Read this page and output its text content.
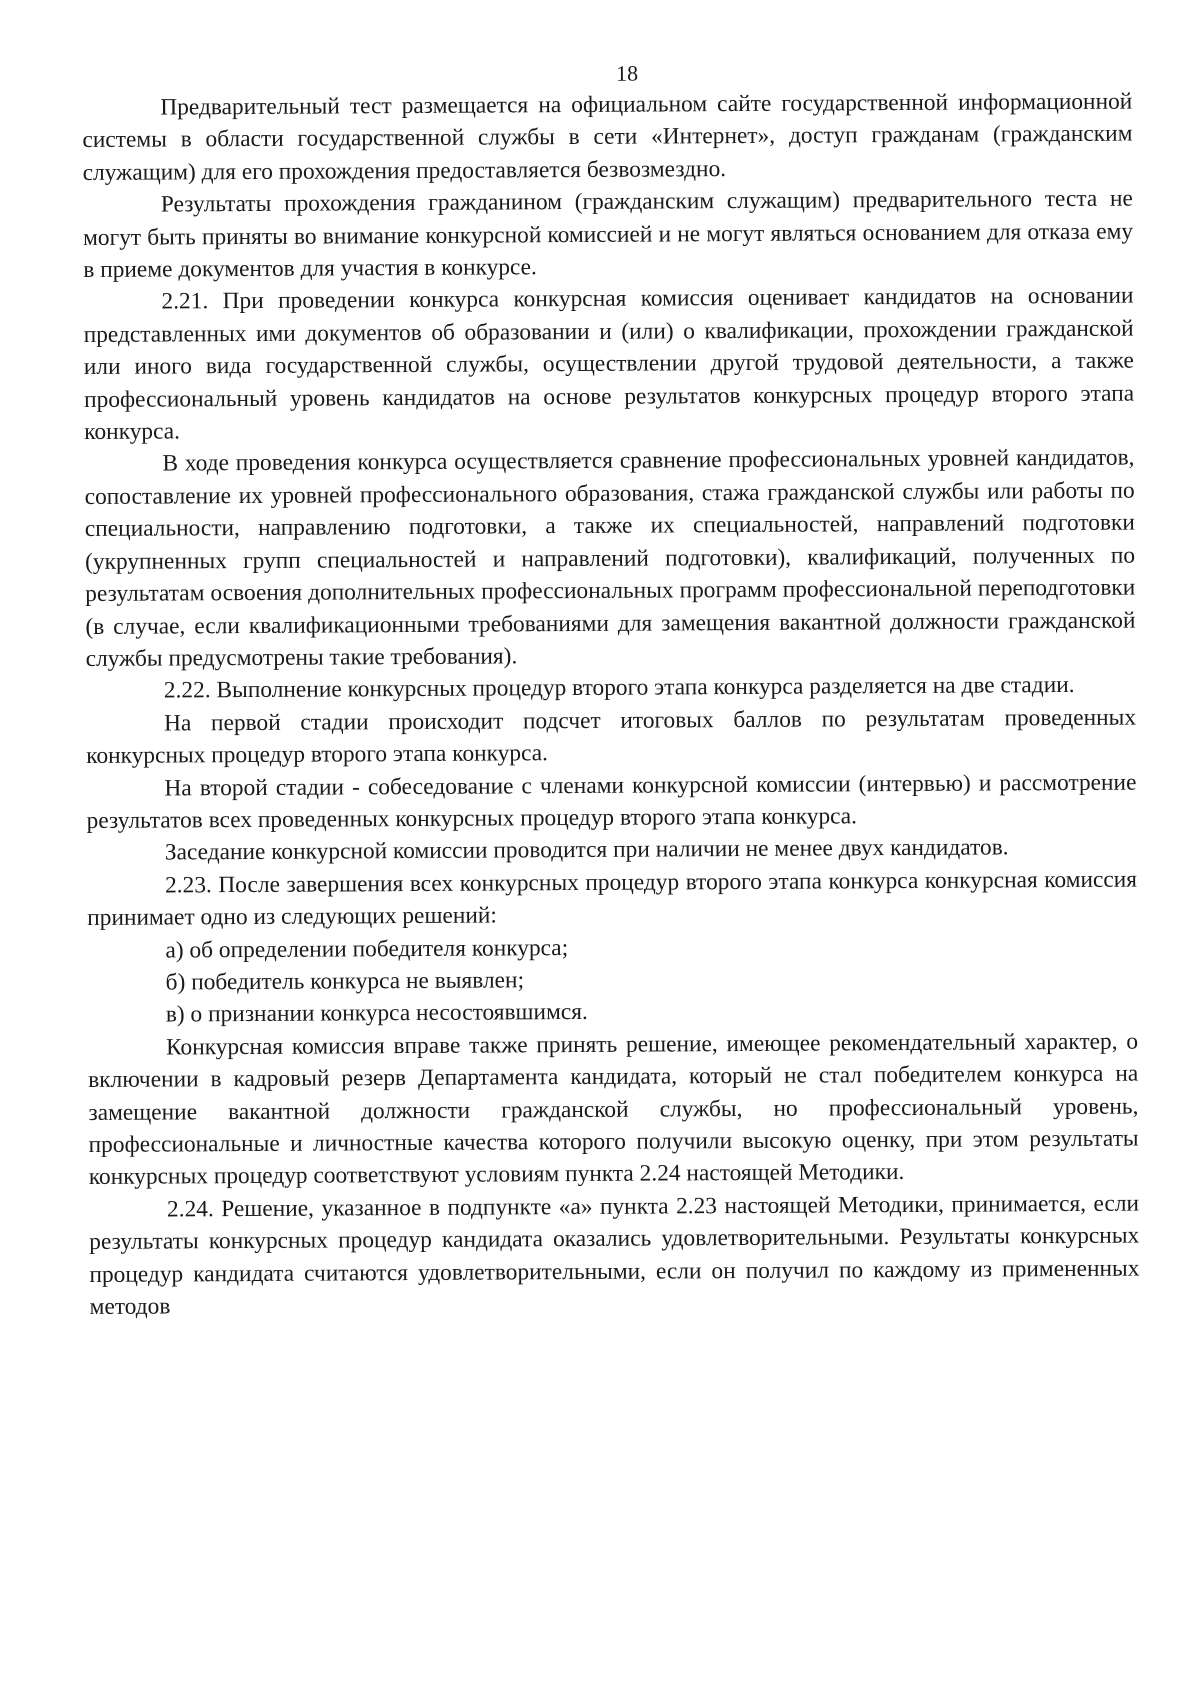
18

Предварительный тест размещается на официальном сайте государственной информационной системы в области государственной службы в сети «Интернет», доступ гражданам (гражданским служащим) для его прохождения предоставляется безвозмездно.

Результаты прохождения гражданином (гражданским служащим) предварительного теста не могут быть приняты во внимание конкурсной комиссией и не могут являться основанием для отказа ему в приеме документов для участия в конкурсе.

2.21. При проведении конкурса конкурсная комиссия оценивает кандидатов на основании представленных ими документов об образовании и (или) о квалификации, прохождении гражданской или иного вида государственной службы, осуществлении другой трудовой деятельности, а также профессиональный уровень кандидатов на основе результатов конкурсных процедур второго этапа конкурса.

В ходе проведения конкурса осуществляется сравнение профессиональных уровней кандидатов, сопоставление их уровней профессионального образования, стажа гражданской службы или работы по специальности, направлению подготовки, а также их специальностей, направлений подготовки (укрупненных групп специальностей и направлений подготовки), квалификаций, полученных по результатам освоения дополнительных профессиональных программ профессиональной переподготовки (в случае, если квалификационными требованиями для замещения вакантной должности гражданской службы предусмотрены такие требования).

2.22. Выполнение конкурсных процедур второго этапа конкурса разделяется на две стадии.

На первой стадии происходит подсчет итоговых баллов по результатам проведенных конкурсных процедур второго этапа конкурса.

На второй стадии - собеседование с членами конкурсной комиссии (интервью) и рассмотрение результатов всех проведенных конкурсных процедур второго этапа конкурса.

Заседание конкурсной комиссии проводится при наличии не менее двух кандидатов.

2.23. После завершения всех конкурсных процедур второго этапа конкурса конкурсная комиссия принимает одно из следующих решений:

а) об определении победителя конкурса;

б) победитель конкурса не выявлен;

в) о признании конкурса несостоявшимся.

Конкурсная комиссия вправе также принять решение, имеющее рекомендательный характер, о включении в кадровый резерв Департамента кандидата, который не стал победителем конкурса на замещение вакантной должности гражданской службы, но профессиональный уровень, профессиональные и личностные качества которого получили высокую оценку, при этом результаты конкурсных процедур соответствуют условиям пункта 2.24 настоящей Методики.

2.24. Решение, указанное в подпункте «а» пункта 2.23 настоящей Методики, принимается, если результаты конкурсных процедур кандидата оказались удовлетворительными. Результаты конкурсных процедур кандидата считаются удовлетворительными, если он получил по каждому из примененных методов
